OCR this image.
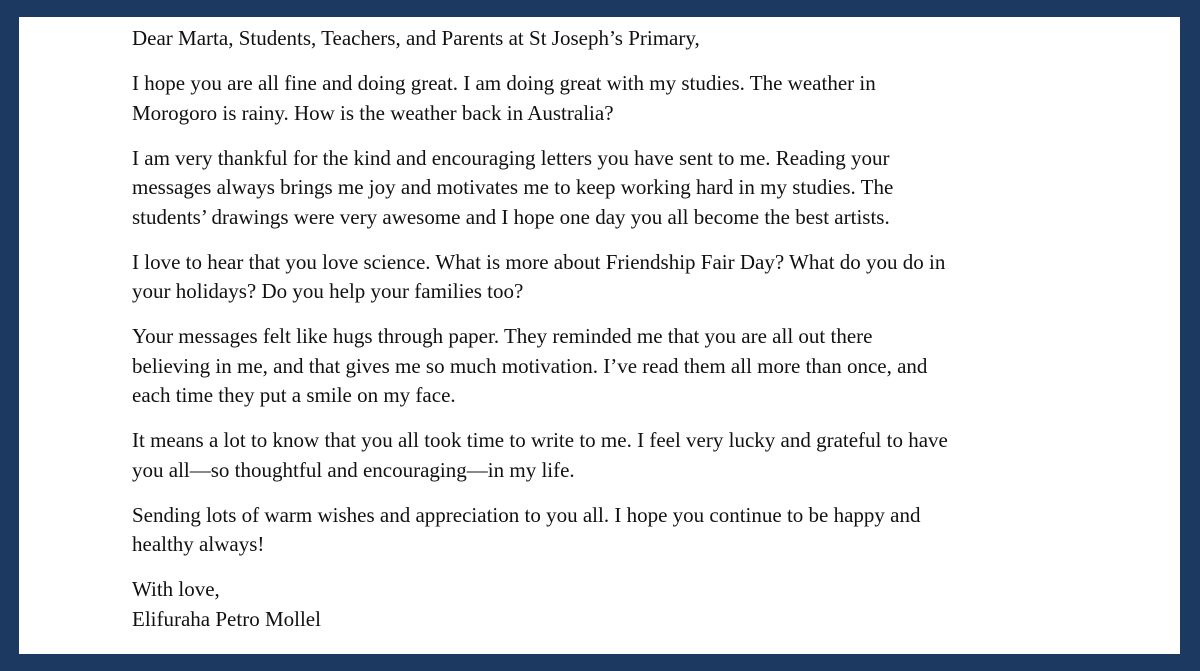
Dear Marta, Students, Teachers, and Parents at St Joseph’s Primary,

I hope you are all fine and doing great. I am doing great with my studies. The weather in
Morogoro is rainy. How is the weather back in Australia?

I am very thankful for the kind and encouraging letters you have sent to me. Reading your
messages always brings me joy and motivates me to keep working hard in my studies. The
students’ drawings were very awesome and I hope one day you all become the best artists.

I love to hear that you love science. What is more about Friendship Fair Day? What do you do in
your holidays? Do you help your families too?

Your messages felt like hugs through paper. They reminded me that you are all out there
believing in me, and that gives me so much motivation. I’ve read them all more than once, and
each time they put a smile on my face.

It means a lot to know that you all took time to write to me. I feel very lucky and grateful to have
you all—so thoughtful and encouraging—in my life.

Sending lots of warm wishes and appreciation to you all. I hope you continue to be happy and
healthy always!

With love,
Elifuraha Petro Mollel
